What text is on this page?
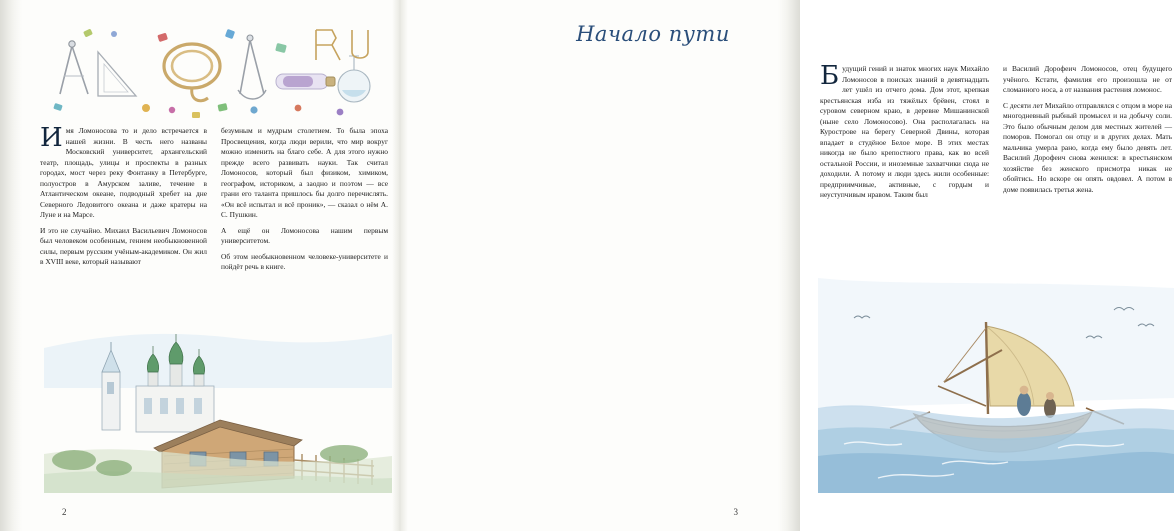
Имя Ломоносова то и дело встречается в нашей жизни. В честь него названы Московский университет, архангельский театр, площадь, улицы и проспекты в разных городах, мост через реку Фонтанку в Петербурге, полуостров в Амурском заливе, течение в Атлантическом океане, подводный хребет на дне Северного Ледовитого океана и даже кратеры на Луне и на Марсе.

И это не случайно. Михаил Васильевич Ломоносов был человеком особенным, гением необыкновенной силы, первым русским учёным-академиком. Он жил в XVIII веке, который называют

безумным и мудрым столетием. То была эпоха Просвещения, когда люди верили, что мир вокруг можно изменить на благо себе. А для этого нужно прежде всего развивать науки. Так считал Ломоносов, который был физиком, химиком, географом, историком, а заодно и поэтом — все грани его таланта пришлось бы долго перечислять. «Он всё испытал и всё проник», — сказал о нём А. С. Пушкин.

А ещё он Ломоносова нашим первым университетом.

Об этом необыкновенном человеке-университете и пойдёт речь в книге.

2
Начало пути

Будущий гений и знаток многих наук Михайло Ломоносов в поисках знаний в девятнадцать лет ушёл из отчего дома. Дом этот, крепкая крестьянская изба из тяжёлых брёвен, стоял в суровом северном краю, в деревне Мишанинской (ныне село Ломоносово). Она располагалась на Курострове на берегу Северной Двины, которая впадает в студёное Белое море. В этих местах никогда не было крепостного права, как во всей остальной России, и иноземные захватчики сюда не доходили. А потому и люди здесь жили особенные: предприимчивые, активные, с гордым и неуступчивым нравом. Таким был

и Василий Дорофеич Ломоносов, отец будущего учёного. Кстати, фамилия его произошла не от сломанного носа, а от названия растения ломонос.

С десяти лет Михайло отправлялся с отцом в море на многодневный рыбный промысел и на добычу соли. Это было обычным делом для местных жителей — поморов. Помогал он отцу и в других делах. Мать мальчика умерла рано, когда ему было девять лет. Василий Дорофеич снова женился: в крестьянском хозяйстве без женского присмотра никак не обойтись. Но вскоре он опять овдовел. А потом в доме появилась третья жена.

3
